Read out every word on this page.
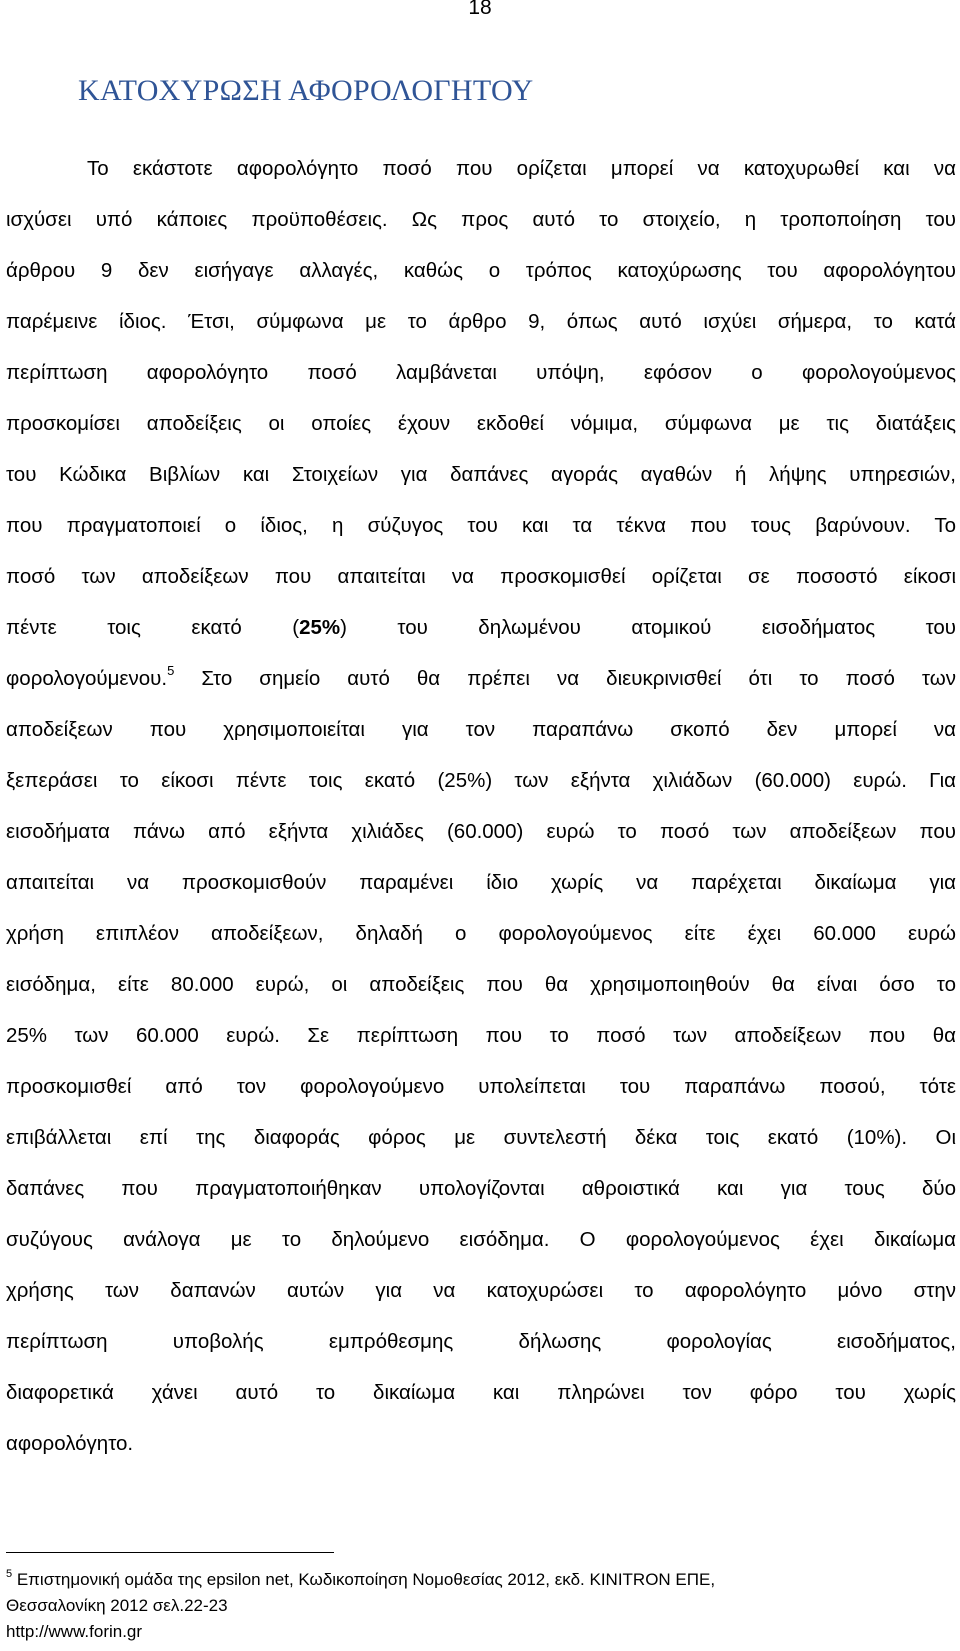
18
ΚΑΤΟΧΥΡΩΣΗ ΑΦΟΡΟΛΟΓΗΤΟΥ
Το εκάστοτε αφορολόγητο ποσό που ορίζεται μπορεί να κατοχυρωθεί και να
ισχύσει υπό κάποιες προϋποθέσεις. Ως προς αυτό το στοιχείο, η τροποποίηση του
άρθρου 9 δεν εισήγαγε αλλαγές, καθώς ο τρόπος κατοχύρωσης του αφορολόγητου
παρέμεινε ίδιος. Έτσι, σύμφωνα με το άρθρο 9, όπως αυτό ισχύει σήμερα, το κατά
περίπτωση αφορολόγητο ποσό λαμβάνεται υπόψη, εφόσον ο φορολογούμενος
προσκομίσει αποδείξεις οι οποίες έχουν εκδοθεί νόμιμα, σύμφωνα με τις διατάξεις
του Κώδικα Βιβλίων και Στοιχείων για δαπάνες αγοράς αγαθών ή λήψης υπηρεσιών,
που πραγματοποιεί ο ίδιος, η σύζυγος του και τα τέκνα που τους βαρύνουν. Το
ποσό των αποδείξεων που απαιτείται να προσκομισθεί ορίζεται σε ποσοστό είκοσι
πέντε τοις εκατό (25%) του δηλωμένου ατομικού εισοδήματος του
φορολογούμενου.$^5$ Στο σημείο αυτό θα πρέπει να διευκρινισθεί ότι το ποσό των
αποδείξεων που χρησιμοποιείται για τον παραπάνω σκοπό δεν μπορεί να
ξεπεράσει το είκοσι πέντε τοις εκατό (25%) των εξήντα χιλιάδων (60.000) ευρώ. Για
εισοδήματα πάνω από εξήντα χιλιάδες (60.000) ευρώ το ποσό των αποδείξεων που
απαιτείται να προσκομισθούν παραμένει ίδιο χωρίς να παρέχεται δικαίωμα για
χρήση επιπλέον αποδείξεων, δηλαδή ο φορολογούμενος είτε έχει 60.000 ευρώ
εισόδημα, είτε 80.000 ευρώ, οι αποδείξεις που θα χρησιμοποιηθούν θα είναι όσο το
25% των 60.000 ευρώ. Σε περίπτωση που το ποσό των αποδείξεων που θα
προσκομισθεί από τον φορολογούμενο υπολείπεται του παραπάνω ποσού, τότε
επιβάλλεται επί της διαφοράς φόρος με συντελεστή δέκα τοις εκατό (10%). Οι
δαπάνες που πραγματοποιήθηκαν υπολογίζονται αθροιστικά και για τους δύο
συζύγους ανάλογα με το δηλούμενο εισόδημα. Ο φορολογούμενος έχει δικαίωμα
χρήσης των δαπανών αυτών για να κατοχυρώσει το αφορολόγητο μόνο στην
περίπτωση υποβολής εμπρόθεσμης δήλωσης φορολογίας εισοδήματος,
διαφορετικά χάνει αυτό το δικαίωμα και πληρώνει τον φόρο του χωρίς
αφορολόγητο.
$^5$ Επιστημονική ομάδα της epsilon net, Κωδικοποίηση Νομοθεσίας 2012, εκδ. KINITRON ΕΠΕ,
Θεσσαλονίκη 2012 σελ.22-23
http://www.forin.gr
